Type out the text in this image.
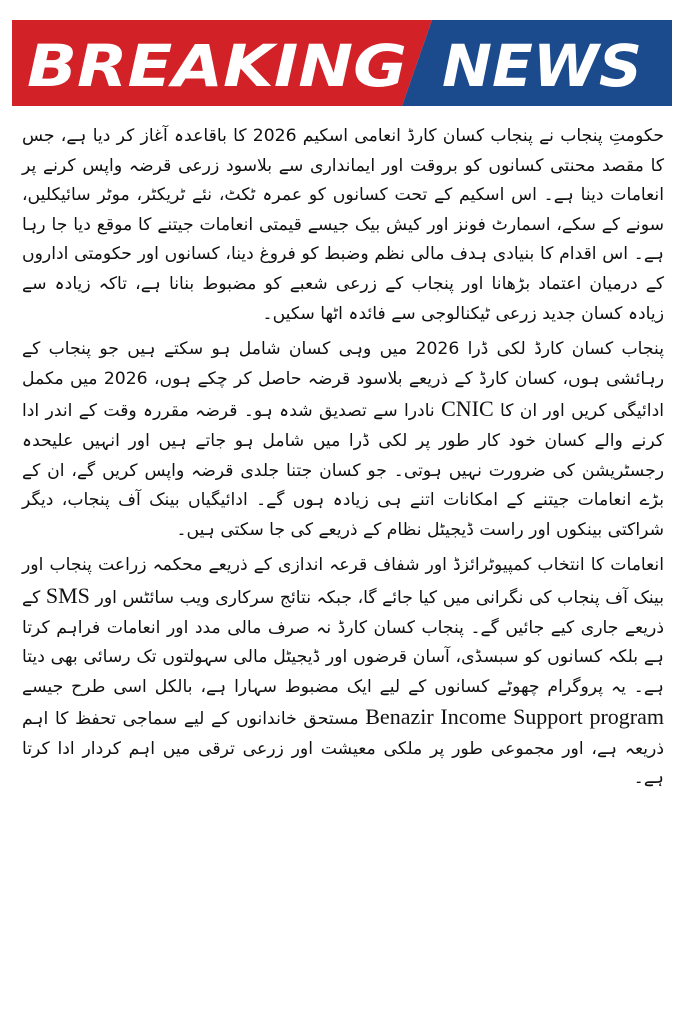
BREAKING NEWS

حکومتِ پنجاب نے پنجاب کسان کارڈ انعامی اسکیم 2026 کا باقاعدہ آغاز کر دیا ہے، جس کا مقصد محنتی کسانوں کو بروقت اور ایمانداری سے بلاسود زرعی قرضہ واپس کرنے پر انعامات دینا ہے۔ اس اسکیم کے تحت کسانوں کو عمرہ ٹکٹ، نئے ٹریکٹر، موٹر سائیکلیں، سونے کے سکے، اسمارٹ فونز اور کیش بیک جیسے قیمتی انعامات جیتنے کا موقع دیا جا رہا ہے۔ اس اقدام کا بنیادی ہدف مالی نظم وضبط کو فروغ دینا، کسانوں اور حکومتی اداروں کے درمیان اعتماد بڑھانا اور پنجاب کے زرعی شعبے کو مضبوط بنانا ہے، تاکہ زیادہ سے زیادہ کسان جدید زرعی ٹیکنالوجی سے فائدہ اٹھا سکیں۔

پنجاب کسان کارڈ لکی ڈرا 2026 میں وہی کسان شامل ہو سکتے ہیں جو پنجاب کے رہائشی ہوں، کسان کارڈ کے ذریعے بلاسود قرضہ حاصل کر چکے ہوں، 2026 میں مکمل ادائیگی کریں اور ان کا CNIC نادرا سے تصدیق شدہ ہو۔ قرضہ مقررہ وقت کے اندر ادا کرنے والے کسان خود کار طور پر لکی ڈرا میں شامل ہو جاتے ہیں اور انہیں علیحدہ رجسٹریشن کی ضرورت نہیں ہوتی۔ جو کسان جتنا جلدی قرضہ واپس کریں گے، ان کے بڑے انعامات جیتنے کے امکانات اتنے ہی زیادہ ہوں گے۔ ادائیگیاں بینک آف پنجاب، دیگر شراکتی بینکوں اور راست ڈیجیٹل نظام کے ذریعے کی جا سکتی ہیں۔

انعامات کا انتخاب کمپیوٹرائزڈ اور شفاف قرعہ اندازی کے ذریعے محکمہ زراعت پنجاب اور بینک آف پنجاب کی نگرانی میں کیا جائے گا، جبکہ نتائج سرکاری ویب سائٹس اور SMS کے ذریعے جاری کیے جائیں گے۔ پنجاب کسان کارڈ نہ صرف مالی مدد اور انعامات فراہم کرتا ہے بلکہ کسانوں کو سبسڈی، آسان قرضوں اور ڈیجیٹل مالی سہولتوں تک رسائی بھی دیتا ہے۔ یہ پروگرام چھوٹے کسانوں کے لیے ایک مضبوط سہارا ہے، بالکل اسی طرح جیسے Benazir Income Support program مستحق خاندانوں کے لیے سماجی تحفظ کا اہم ذریعہ ہے، اور مجموعی طور پر ملکی معیشت اور زرعی ترقی میں اہم کردار ادا کرتا ہے۔
